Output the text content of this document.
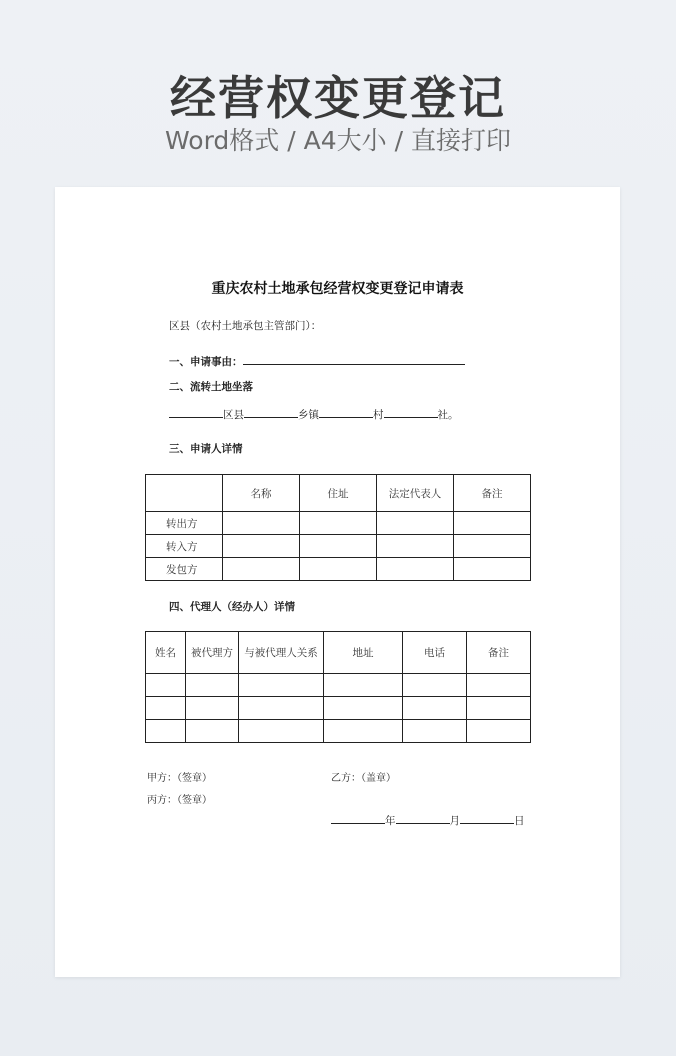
经营权变更登记
Word格式 / A4大小 / 直接打印
重庆农村土地承包经营权变更登记申请表
区县（农村土地承包主管部门）：
一、申请事由：
二、流转土地坐落
区县	乡镇	村	社。
三、申请人详情
	名称	住址	法定代表人	备注
转出方				
转入方				
发包方				
四、代理人（经办人）详情
姓名	被代理方	与被代理人关系	地址	电话	备注

甲方：（签章）	乙方：（盖章）
丙方：（签章）
年	月	日
